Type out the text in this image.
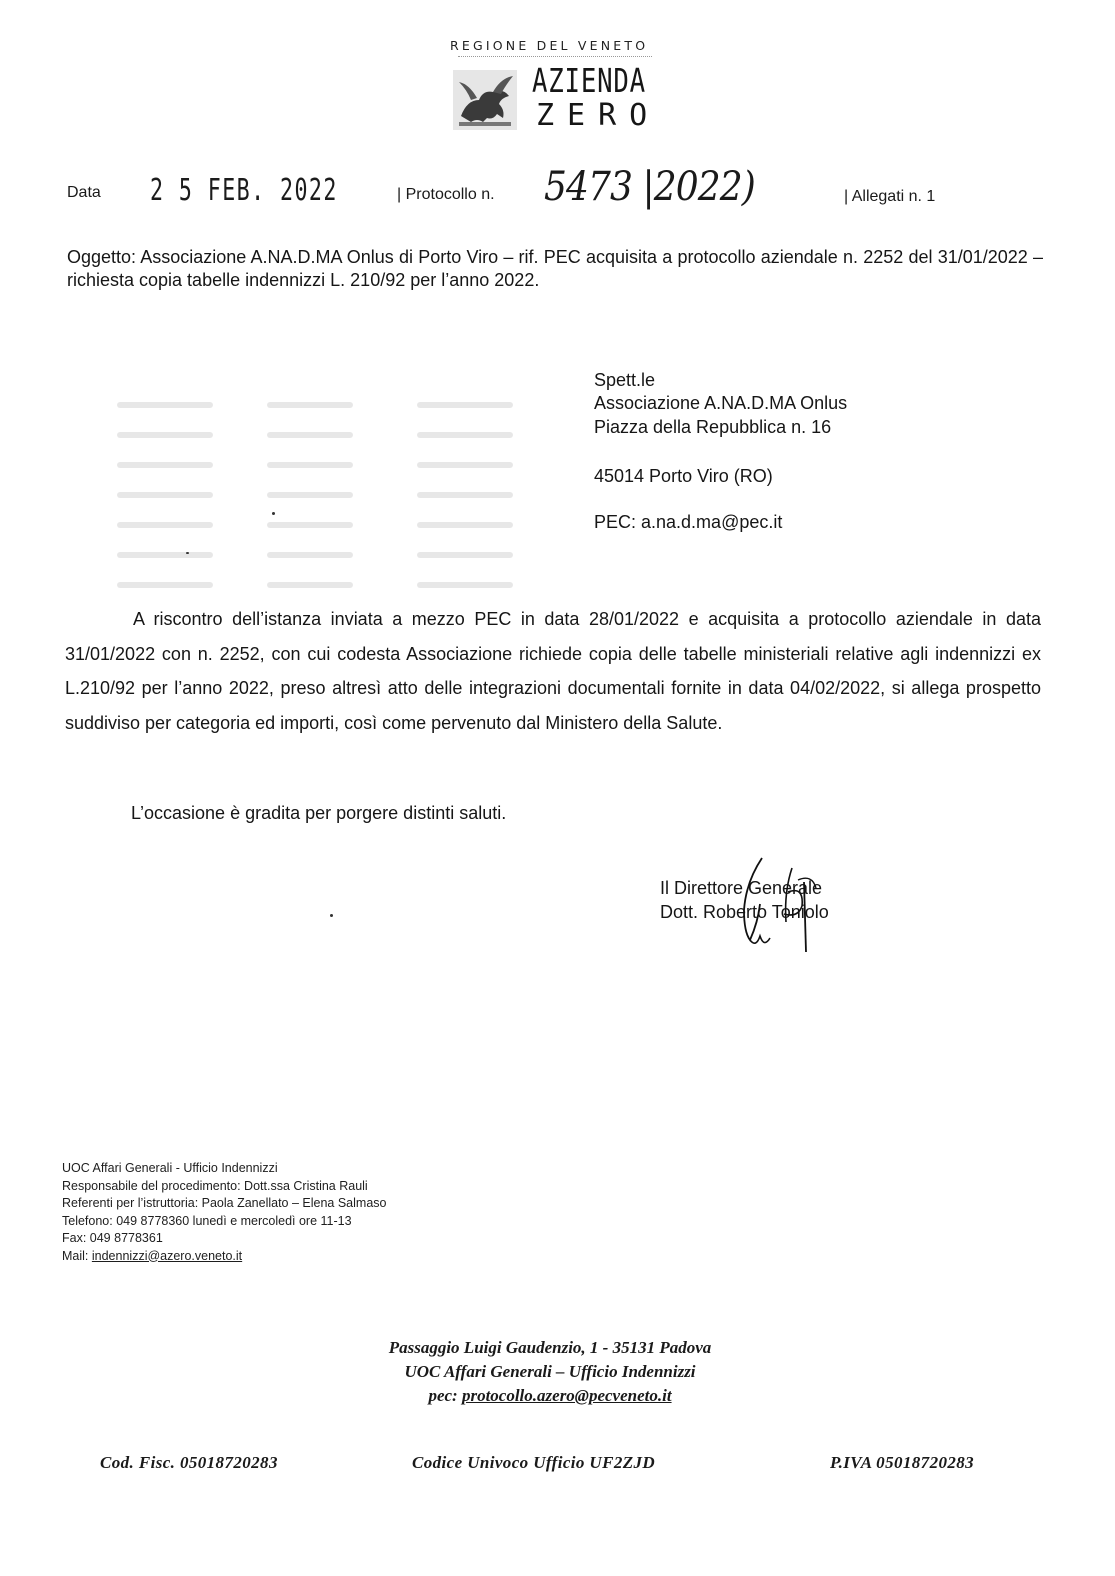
REGIONE DEL VENETO
AZIENDA
ZERO
Data 2 5 FEB. 2022	| Protocollo n. 5473 |2022)	| Allegati n. 1
Oggetto: Associazione A.NA.D.MA Onlus di Porto Viro – rif. PEC acquisita a protocollo aziendale n. 2252 del 31/01/2022 – richiesta copia tabelle indennizzi L. 210/92 per l’anno 2022.
Spett.le
Associazione A.NA.D.MA Onlus
Piazza della Repubblica n. 16
45014 Porto Viro (RO)
PEC: a.na.d.ma@pec.it
A riscontro dell’istanza inviata a mezzo PEC in data 28/01/2022 e acquisita a protocollo aziendale in data 31/01/2022 con n. 2252, con cui codesta Associazione richiede copia delle tabelle ministeriali relative agli indennizzi ex L.210/92 per l’anno 2022, preso altresì atto delle integrazioni documentali fornite in data 04/02/2022, si allega prospetto suddiviso per categoria ed importi, così come pervenuto dal Ministero della Salute.
L’occasione è gradita per porgere distinti saluti.
Il Direttore Generale
Dott. Roberto Toniolo
UOC Affari Generali - Ufficio Indennizzi
Responsabile del procedimento: Dott.ssa Cristina Rauli
Referenti per l’istruttoria: Paola Zanellato – Elena Salmaso
Telefono: 049 8778360 lunedì e mercoledì ore 11-13
Fax: 049 8778361
Mail: indennizzi@azero.veneto.it
Passaggio Luigi Gaudenzio, 1 - 35131 Padova
UOC Affari Generali – Ufficio Indennizzi
pec: protocollo.azero@pecveneto.it
Cod. Fisc. 05018720283	Codice Univoco Ufficio UF2ZJD	P.IVA 05018720283
